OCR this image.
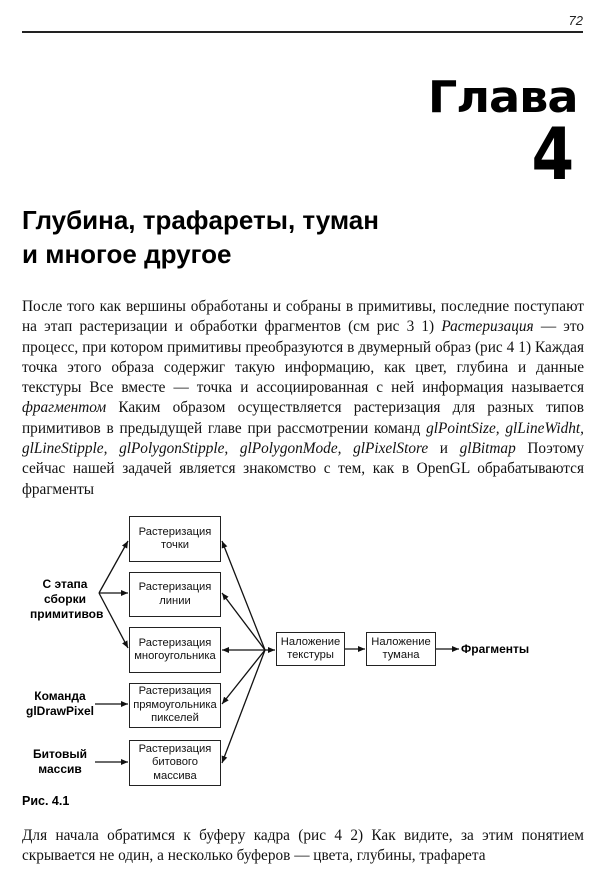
72
Глава
4
Глубина, трафареты, туман
и многое другое
После того как вершины обработаны и собраны в примитивы, последние поступают на этап растеризации и обработки фрагментов (см рис 3 1) Растеризация — это процесс, при котором примитивы преобразуются в двумерный образ (рис 4 1) Каждая точка этого образа содержиг такую информацию, как цвет, глубина и данные текстуры Все вместе — точка и ассоциированная с ней информация называется фрагментом Каким образом осуществляется растеризация для разных типов примитивов в предыдущей главе при рассмотрении команд glPointSize, glLineWidht, glLineStipple, glPolygonStipple, glPolygonMode, glPixelStore и glBitmap Поэтому сейчас нашей задачей является знакомство с тем, как в OpenGL обрабатываются фрагменты
С этапа
сборки
примитивов
Команда
glDrawPixel
Битовый
массив
Растеризация
точки
Растеризация
линии
Растеризация
многоугольника
Растеризация
прямоугольника
пикселей
Растеризация
битового
массива
Наложение
текстуры
Наложение
тумана	Фрагменты
Рис. 4.1
Для начала обратимся к буферу кадра (рис 4 2) Как видите, за этим понятием скрывается не один, а несколько буферов — цвета, глубины, трафарета
